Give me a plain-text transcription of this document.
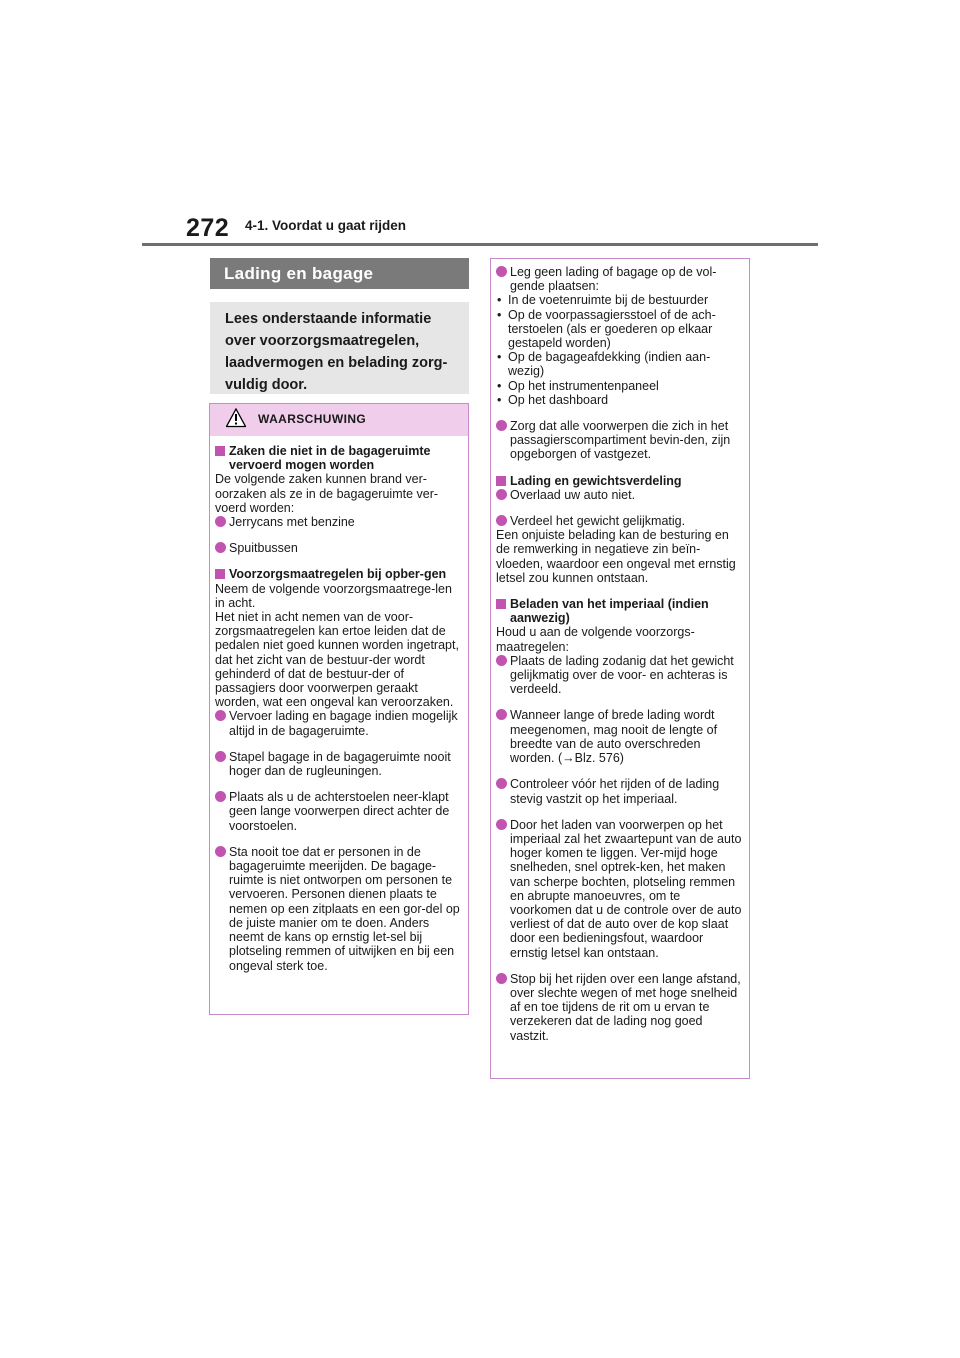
272 4-1. Voordat u gaat rijden
Lading en bagage
Lees onderstaande informatie
over voorzorgsmaatregelen,
laadvermogen en belading zorg-
vuldig door.
WAARSCHUWING
Zaken die niet in de bagageruimte vervoerd mogen worden
De volgende zaken kunnen brand ver-oorzaken als ze in de bagageruimte ver-voerd worden:
Jerrycans met benzine
Spuitbussen
Voorzorgsmaatregelen bij opber-gen
Neem de volgende voorzorgsmaatrege-len in acht.
Het niet in acht nemen van de voor-zorgsmaatregelen kan ertoe leiden dat de pedalen niet goed kunnen worden ingetrapt, dat het zicht van de bestuur-der wordt gehinderd of dat de bestuur-der of passagiers door voorwerpen geraakt worden, wat een ongeval kan veroorzaken.
Vervoer lading en bagage indien mogelijk altijd in de bagageruimte.
Stapel bagage in de bagageruimte nooit hoger dan de rugleuningen.
Plaats als u de achterstoelen neer-klapt geen lange voorwerpen direct achter de voorstoelen.
Sta nooit toe dat er personen in de bagageruimte meerijden. De bagage-ruimte is niet ontworpen om personen te vervoeren. Personen dienen plaats te nemen op een zitplaats en een gor-del op de juiste manier om te doen. Anders neemt de kans op ernstig let-sel bij plotseling remmen of uitwijken en bij een ongeval sterk toe.
Leg geen lading of bagage op de vol-gende plaatsen:
• In de voetenruimte bij de bestuurder
• Op de voorpassagiersstoel of de ach-terstoelen (als er goederen op elkaar gestapeld worden)
• Op de bagageafdekking (indien aan-wezig)
• Op het instrumentenpaneel
• Op het dashboard
Zorg dat alle voorwerpen die zich in het passagierscompartiment bevin-den, zijn opgeborgen of vastgezet.
Lading en gewichtsverdeling
Overlaad uw auto niet.
Verdeel het gewicht gelijkmatig.
Een onjuiste belading kan de besturing en de remwerking in negatieve zin beïn-vloeden, waardoor een ongeval met ernstig letsel zou kunnen ontstaan.
Beladen van het imperiaal (indien aanwezig)
Houd u aan de volgende voorzorgs-maatregelen:
Plaats de lading zodanig dat het gewicht gelijkmatig over de voor- en achteras is verdeeld.
Wanneer lange of brede lading wordt meegenomen, mag nooit de lengte of breedte van de auto overschreden worden. (→Blz. 576)
Controleer vóór het rijden of de lading stevig vastzit op het imperiaal.
Door het laden van voorwerpen op het imperiaal zal het zwaartepunt van de auto hoger komen te liggen. Ver-mijd hoge snelheden, snel optrek-ken, het maken van scherpe bochten, plotseling remmen en abrupte manoeuvres, om te voorkomen dat u de controle over de auto verliest of dat de auto over de kop slaat door een bedieningsfout, waardoor ernstig letsel kan ontstaan.
Stop bij het rijden over een lange afstand, over slechte wegen of met hoge snelheid af en toe tijdens de rit om u ervan te verzekeren dat de lading nog goed vastzit.
